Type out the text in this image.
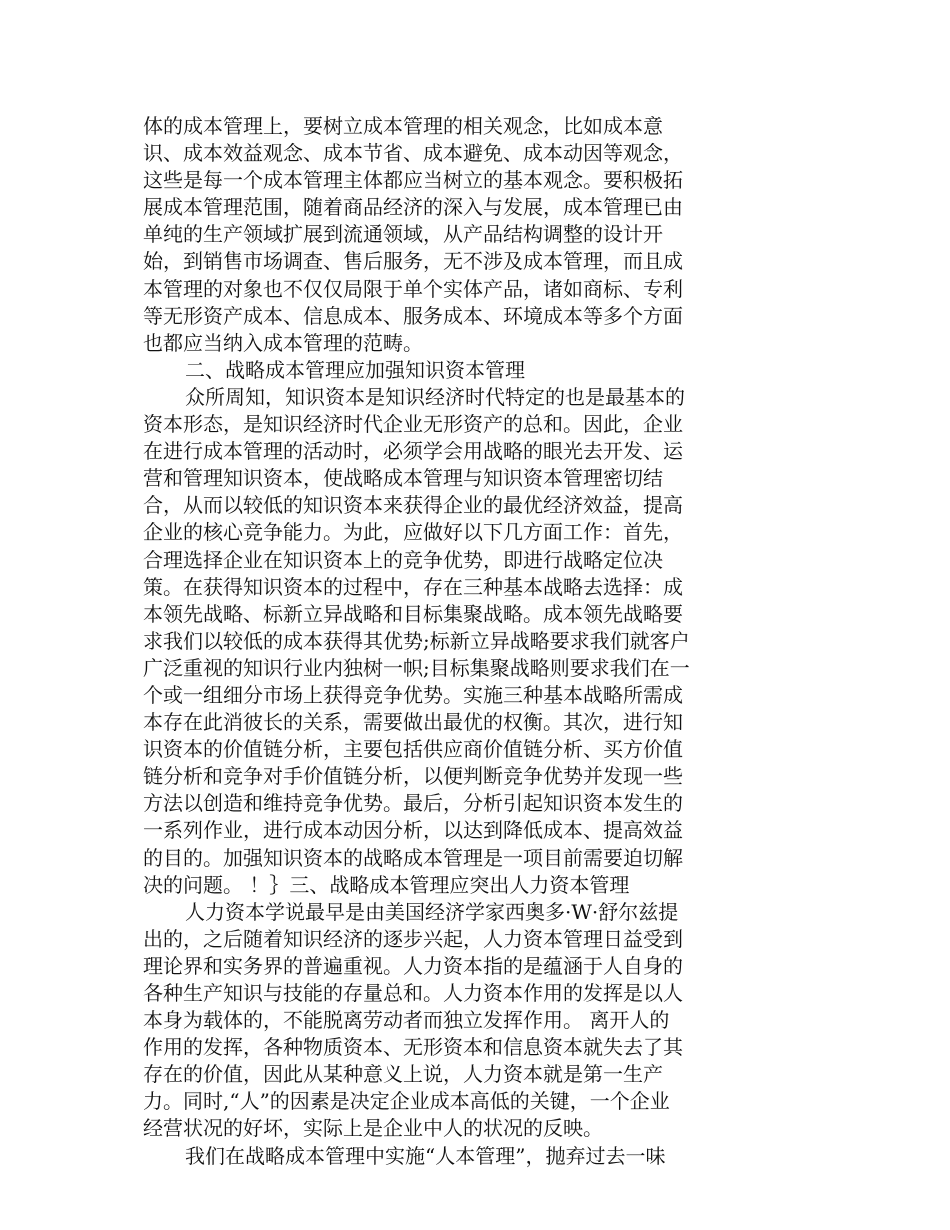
体的成本管理上，要树立成本管理的相关观念，比如成本意
识、成本效益观念、成本节省、成本避免、成本动因等观念，
这些是每一个成本管理主体都应当树立的基本观念。要积极拓
展成本管理范围，随着商品经济的深入与发展，成本管理已由
单纯的生产领域扩展到流通领域，从产品结构调整的设计开
始，到销售市场调查、售后服务，无不涉及成本管理，而且成
本管理的对象也不仅仅局限于单个实体产品，诸如商标、专利
等无形资产成本、信息成本、服务成本、环境成本等多个方面
也都应当纳入成本管理的范畴。
二、战略成本管理应加强知识资本管理
众所周知，知识资本是知识经济时代特定的也是最基本的
资本形态，是知识经济时代企业无形资产的总和。因此，企业
在进行成本管理的活动时，必须学会用战略的眼光去开发、运
营和管理知识资本，使战略成本管理与知识资本管理密切结
合，从而以较低的知识资本来获得企业的最优经济效益，提高
企业的核心竞争能力。为此，应做好以下几方面工作：首先，
合理选择企业在知识资本上的竞争优势，即进行战略定位决
策。在获得知识资本的过程中，存在三种基本战略去选择：成
本领先战略、标新立异战略和目标集聚战略。成本领先战略要
求我们以较低的成本获得其优势;标新立异战略要求我们就客户
广泛重视的知识行业内独树一帜;目标集聚战略则要求我们在一
个或一组细分市场上获得竞争优势。实施三种基本战略所需成
本存在此消彼长的关系，需要做出最优的权衡。其次，进行知
识资本的价值链分析，主要包括供应商价值链分析、买方价值
链分析和竞争对手价值链分析，以便判断竞争优势并发现一些
方法以创造和维持竞争优势。最后，分析引起知识资本发生的
一系列作业，进行成本动因分析，以达到降低成本、提高效益
的目的。加强知识资本的战略成本管理是一项目前需要迫切解
决的问题。 ！｝三、战略成本管理应突出人力资本管理
人力资本学说最早是由美国经济学家西奥多·W·舒尔兹提
出的，之后随着知识经济的逐步兴起，人力资本管理日益受到
理论界和实务界的普遍重视。人力资本指的是蕴涵于人自身的
各种生产知识与技能的存量总和。人力资本作用的发挥是以人
本身为载体的，不能脱离劳动者而独立发挥作用。 离开人的
作用的发挥，各种物质资本、无形资本和信息资本就失去了其
存在的价值，因此从某种意义上说，人力资本就是第一生产
力。同时,“人”的因素是决定企业成本高低的关键，一个企业
经营状况的好坏，实际上是企业中人的状况的反映。
我们在战略成本管理中实施“人本管理”，抛弃过去一味
